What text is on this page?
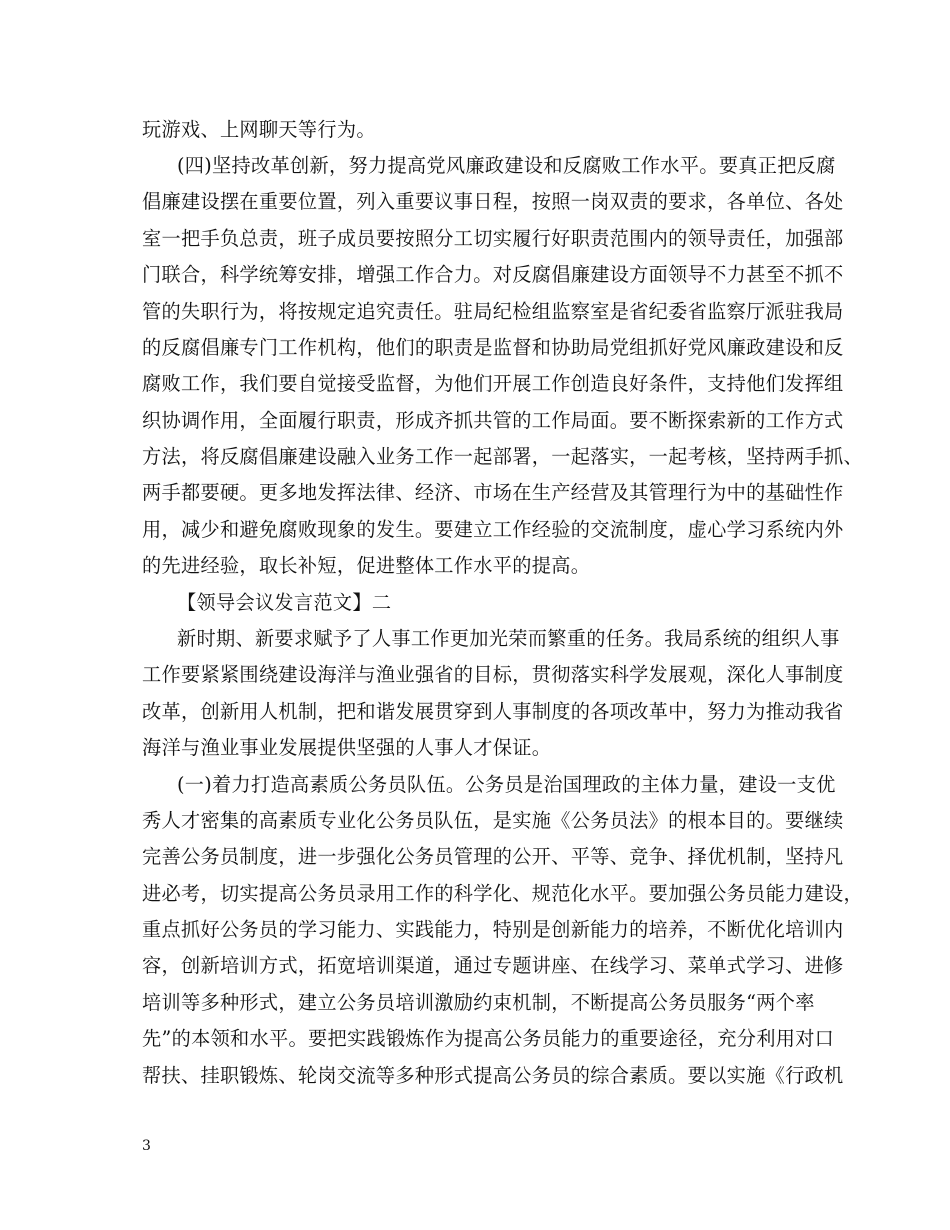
玩游戏、上网聊天等行为。
(四)坚持改革创新，努力提高党风廉政建设和反腐败工作水平。要真正把反腐
倡廉建设摆在重要位置，列入重要议事日程，按照一岗双责的要求，各单位、各处
室一把手负总责，班子成员要按照分工切实履行好职责范围内的领导责任，加强部
门联合，科学统筹安排，增强工作合力。对反腐倡廉建设方面领导不力甚至不抓不
管的失职行为，将按规定追究责任。驻局纪检组监察室是省纪委省监察厅派驻我局
的反腐倡廉专门工作机构，他们的职责是监督和协助局党组抓好党风廉政建设和反
腐败工作，我们要自觉接受监督，为他们开展工作创造良好条件，支持他们发挥组
织协调作用，全面履行职责，形成齐抓共管的工作局面。要不断探索新的工作方式
方法，将反腐倡廉建设融入业务工作一起部署，一起落实，一起考核，坚持两手抓、
两手都要硬。更多地发挥法律、经济、市场在生产经营及其管理行为中的基础性作
用，减少和避免腐败现象的发生。要建立工作经验的交流制度，虚心学习系统内外
的先进经验，取长补短，促进整体工作水平的提高。
【领导会议发言范文】二
新时期、新要求赋予了人事工作更加光荣而繁重的任务。我局系统的组织人事
工作要紧紧围绕建设海洋与渔业强省的目标，贯彻落实科学发展观，深化人事制度
改革，创新用人机制，把和谐发展贯穿到人事制度的各项改革中，努力为推动我省
海洋与渔业事业发展提供坚强的人事人才保证。
(一)着力打造高素质公务员队伍。公务员是治国理政的主体力量，建设一支优
秀人才密集的高素质专业化公务员队伍，是实施《公务员法》的根本目的。要继续
完善公务员制度，进一步强化公务员管理的公开、平等、竞争、择优机制，坚持凡
进必考，切实提高公务员录用工作的科学化、规范化水平。要加强公务员能力建设，
重点抓好公务员的学习能力、实践能力，特别是创新能力的培养，不断优化培训内
容，创新培训方式，拓宽培训渠道，通过专题讲座、在线学习、菜单式学习、进修
培训等多种形式，建立公务员培训激励约束机制，不断提高公务员服务“两个率
先”的本领和水平。要把实践锻炼作为提高公务员能力的重要途径，充分利用对口
帮扶、挂职锻炼、轮岗交流等多种形式提高公务员的综合素质。要以实施《行政机
3
